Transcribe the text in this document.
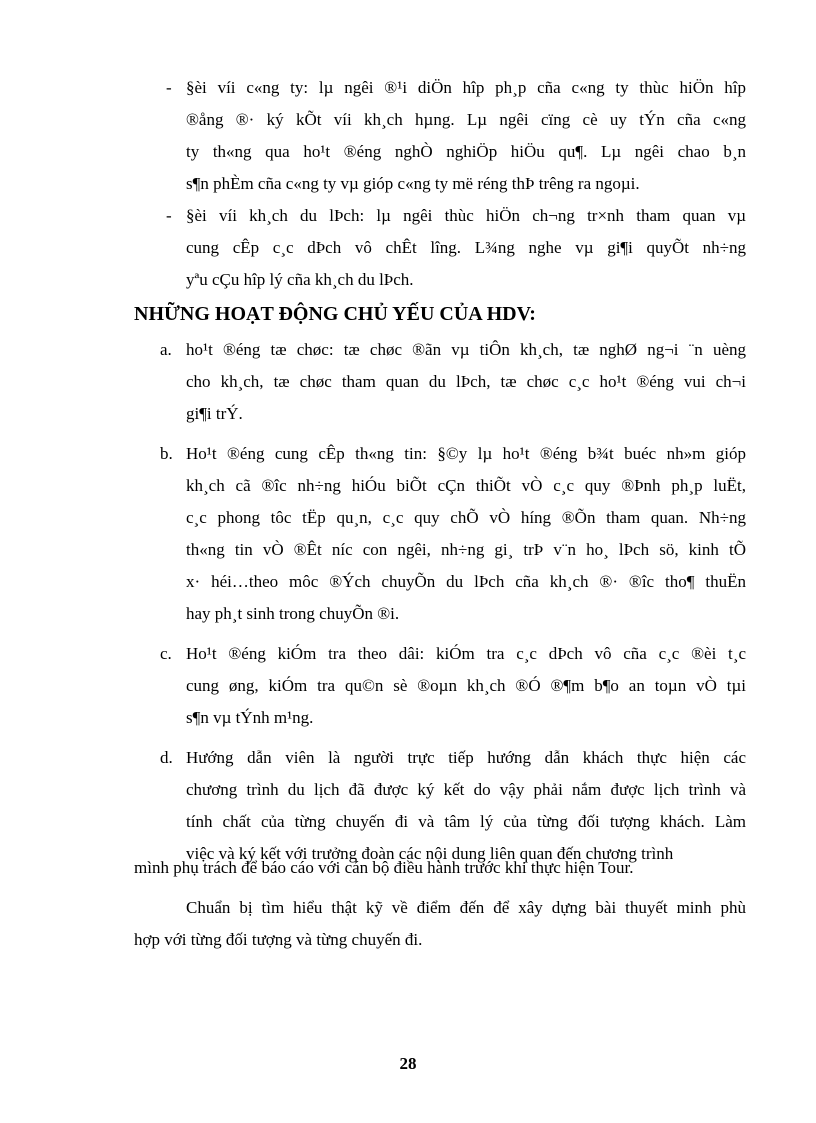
- §èi víi c«ng ty: lµ ngêi ®¹i diÖn hîp ph¸p cña c«ng ty thùc hiÖn hîp
®ång ®· ký kÕt víi kh¸ch hµng. Lµ ngêi cïng cè uy tÝn cña c«ng
ty th«ng qua ho¹t ®éng nghÒ nghiÖp hiÖu qu¶. Lµ ngêi chao b¸n
s¶n phÈm cña c«ng ty vµ gióp c«ng ty më réng thÞ trêng ra ngoµi.
- §èi víi kh¸ch du lÞch: lµ ngêi thùc hiÖn ch¬ng tr×nh tham quan vµ
cung cÊp c¸c dÞch vô chÊt lîng. L¾ng nghe vµ gi¶i quyÕt nh÷ng
yªu cÇu hîp lý cña kh¸ch du lÞch.
NHỮNG HOẠT ĐỘNG CHỦ YẾU CỦA HDV:
a. ho¹t ®éng tæ chøc: tæ chøc ®ãn vµ tiÔn kh¸ch, tæ nghØ ng¬i ¨n uèng
cho kh¸ch, tæ chøc tham quan du lÞch, tæ chøc c¸c ho¹t ®éng vui ch¬i
gi¶i trÝ.
b. Ho¹t ®éng cung cÊp th«ng tin: §©y lµ ho¹t ®éng b¾t buéc nh»m gióp
kh¸ch cã ®îc nh÷ng hiÓu biÕt cÇn thiÕt vÒ c¸c quy ®Þnh ph¸p luËt,
c¸c phong tôc tËp qu¸n, c¸c quy chÕ vÒ híng ®Õn tham quan. Nh÷ng
th«ng tin vÒ ®Êt níc con ngêi, nh÷ng gi¸ trÞ v¨n ho¸ lÞch sö, kinh tÕ
x· héi…theo môc ®Ých chuyÕn du lÞch cña kh¸ch ®· ®îc tho¶ thuËn
hay ph¸t sinh trong chuyÕn ®i.
c. Ho¹t ®éng kiÓm tra theo dâi: kiÓm tra c¸c dÞch vô cña c¸c ®èi t¸c
cung øng, kiÓm tra qu©n sè ®oµn kh¸ch ®Ó ®¶m b¶o an toµn vÒ tµi
s¶n vµ tÝnh m¹ng.
d. Hướng dẫn viên là người trực tiếp hướng dẫn khách thực hiện các
chương trình du lịch đã được ký kết do vậy phải nắm được lịch trình và
tính chất của từng chuyến đi và tâm lý của từng đối tượng khách. Làm
việc và ký kết với trưởng đoàn các nội dung liên quan đến chương trình
mình phụ trách để báo cáo với cán bộ điều hành trước khi thực hiện Tour.

Chuẩn bị tìm hiểu thật kỹ về điểm đến để xây dựng bài thuyết minh phù
hợp với từng đối tượng và từng chuyến đi.

28
